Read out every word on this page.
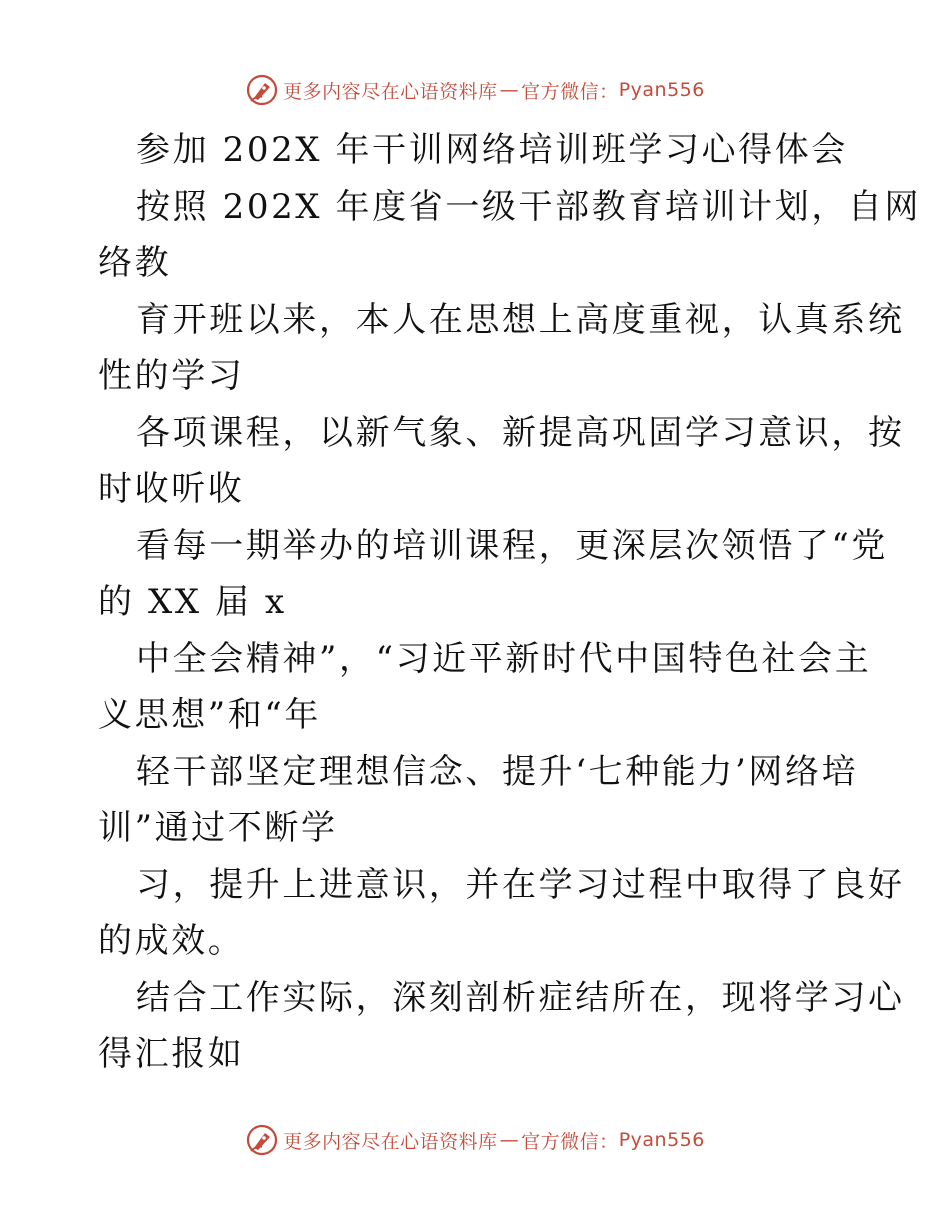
更多内容尽在心语资料库 — 官方微信： Pyan556
参加 202X 年干训网络培训班学习心得体会
按照 202X 年度省一级干部教育培训计划，自网
络教
育开班以来，本人在思想上高度重视，认真系统
性的学习
各项课程，以新气象、新提高巩固学习意识，按
时收听收
看每一期举办的培训课程，更深层次领悟了“党
的 XX 届 x
中全会精神”，“习近平新时代中国特色社会主
义思想”和“年
轻干部坚定理想信念、提升‘七种能力’网络培
训”通过不断学
习，提升上进意识，并在学习过程中取得了良好
的成效。
结合工作实际，深刻剖析症结所在，现将学习心
得汇报如
更多内容尽在心语资料库 — 官方微信： Pyan556
